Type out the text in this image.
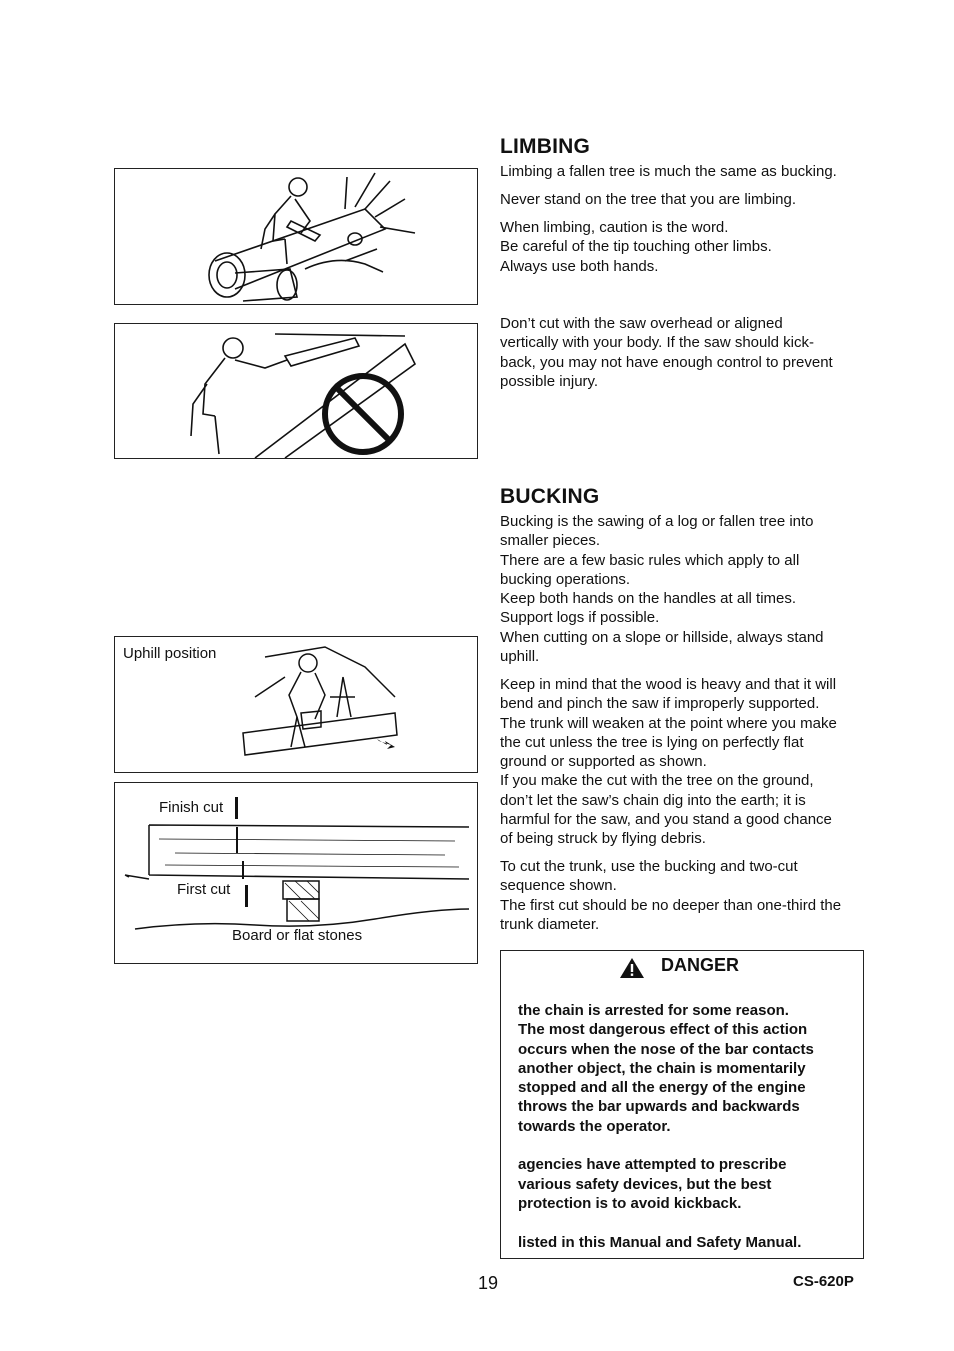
Uphill position
Finish cut
First cut
Board or flat stones
LIMBING

Limbing a fallen tree is much the same as bucking.

Never stand on the tree that you are limbing.

When limbing, caution is the word.
Be careful of the tip touching other limbs.
Always use both hands.
Don’t cut with the saw overhead or aligned
vertically with your body. If the saw should kick-
back, you may not have enough control to prevent
possible injury.
BUCKING
Bucking is the sawing of a log or fallen tree into
smaller pieces.
There are a few basic rules which apply to all
bucking operations.
Keep both hands on the handles at all times.
Support logs if possible.
When cutting on a slope or hillside, always stand
uphill.
Keep in mind that the wood is heavy and that it will
bend and pinch the saw if improperly supported.
The trunk will weaken at the point where you make
the cut unless the tree is lying on perfectly flat
ground or supported as shown.
If you make the cut with the tree on the ground,
don’t let the saw’s chain dig into the earth; it is
harmful for the saw, and you stand a good chance
of being struck by flying debris.
To cut the trunk, use the bucking and two-cut
sequence shown.
The first cut should be no deeper than one-third the
trunk diameter.
DANGER
the chain is arrested for some reason.
The most dangerous effect of this action
occurs when the nose of the bar contacts
another object, the chain is momentarily
stopped and all the energy of the engine
throws the bar upwards and backwards
towards the operator.
agencies have attempted to prescribe
various safety devices, but the best
protection is to avoid kickback.
listed in this Manual and Safety Manual.
19	CS-620P
